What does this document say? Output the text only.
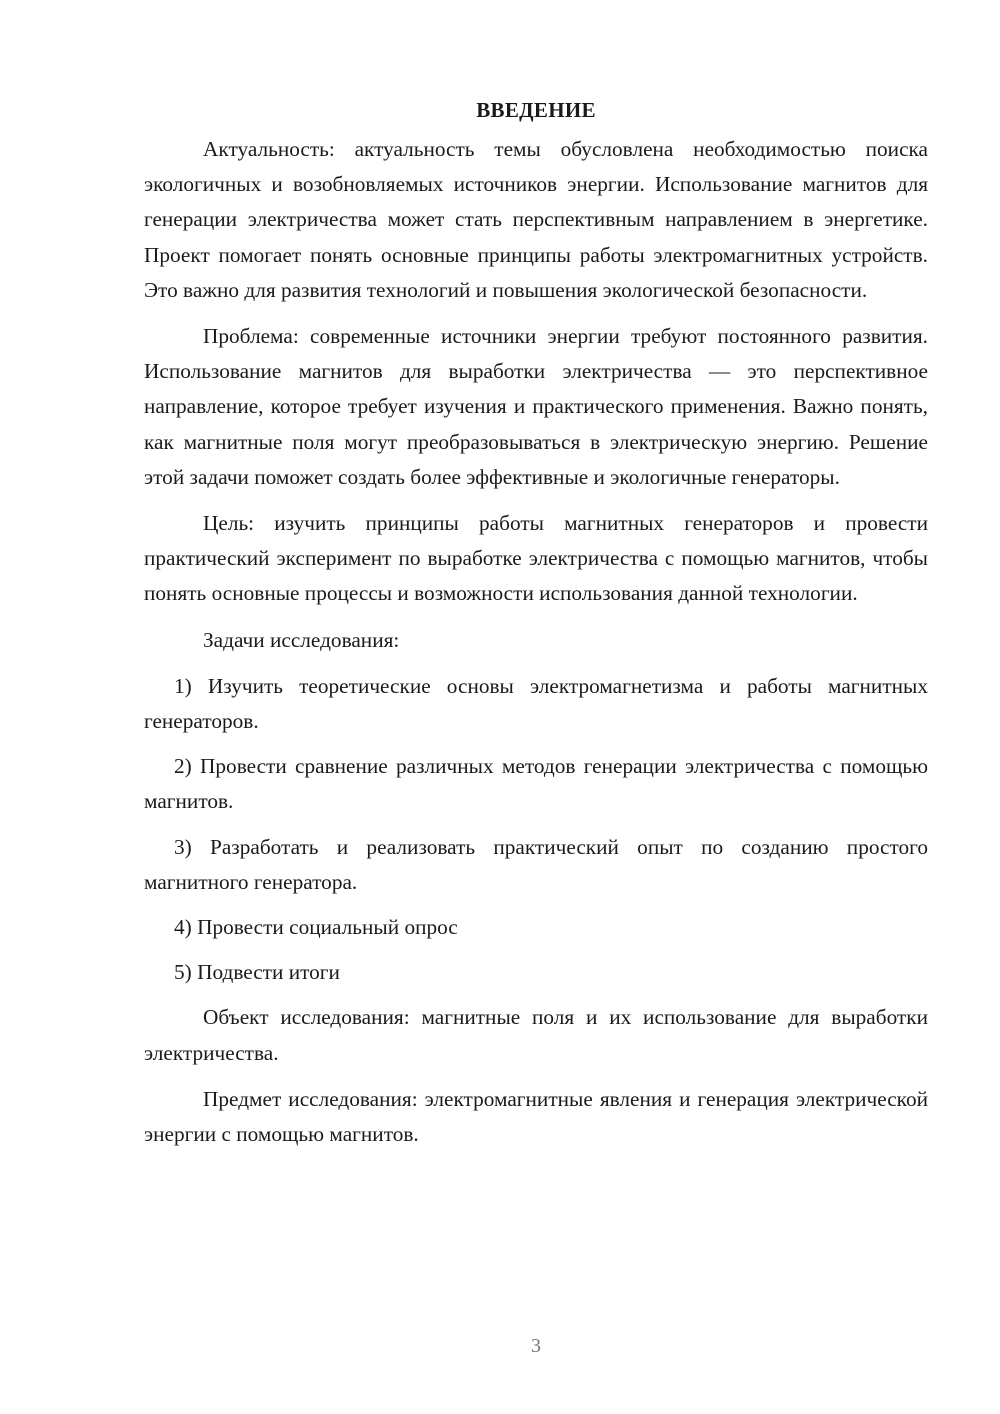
ВВЕДЕНИЕ

Актуальность: актуальность темы обусловлена необходимостью поиска экологичных и возобновляемых источников энергии. Использование магнитов для генерации электричества может стать перспективным направлением в энергетике. Проект помогает понять основные принципы работы электромагнитных устройств. Это важно для развития технологий и повышения экологической безопасности.

Проблема: современные источники энергии требуют постоянного развития. Использование магнитов для выработки электричества — это перспективное направление, которое требует изучения и практического применения. Важно понять, как магнитные поля могут преобразовываться в электрическую энергию. Решение этой задачи поможет создать более эффективные и экологичные генераторы.

Цель: изучить принципы работы магнитных генераторов и провести практический эксперимент по выработке электричества с помощью магнитов, чтобы понять основные процессы и возможности использования данной технологии.

Задачи исследования:

1) Изучить теоретические основы электромагнетизма и работы магнитных генераторов.

2) Провести сравнение различных методов генерации электричества с помощью магнитов.

3) Разработать и реализовать практический опыт по созданию простого магнитного генератора.

4) Провести социальный опрос

5) Подвести итоги

Объект исследования: магнитные поля и их использование для выработки электричества.

Предмет исследования: электромагнитные явления и генерация электрической энергии с помощью магнитов.

3
